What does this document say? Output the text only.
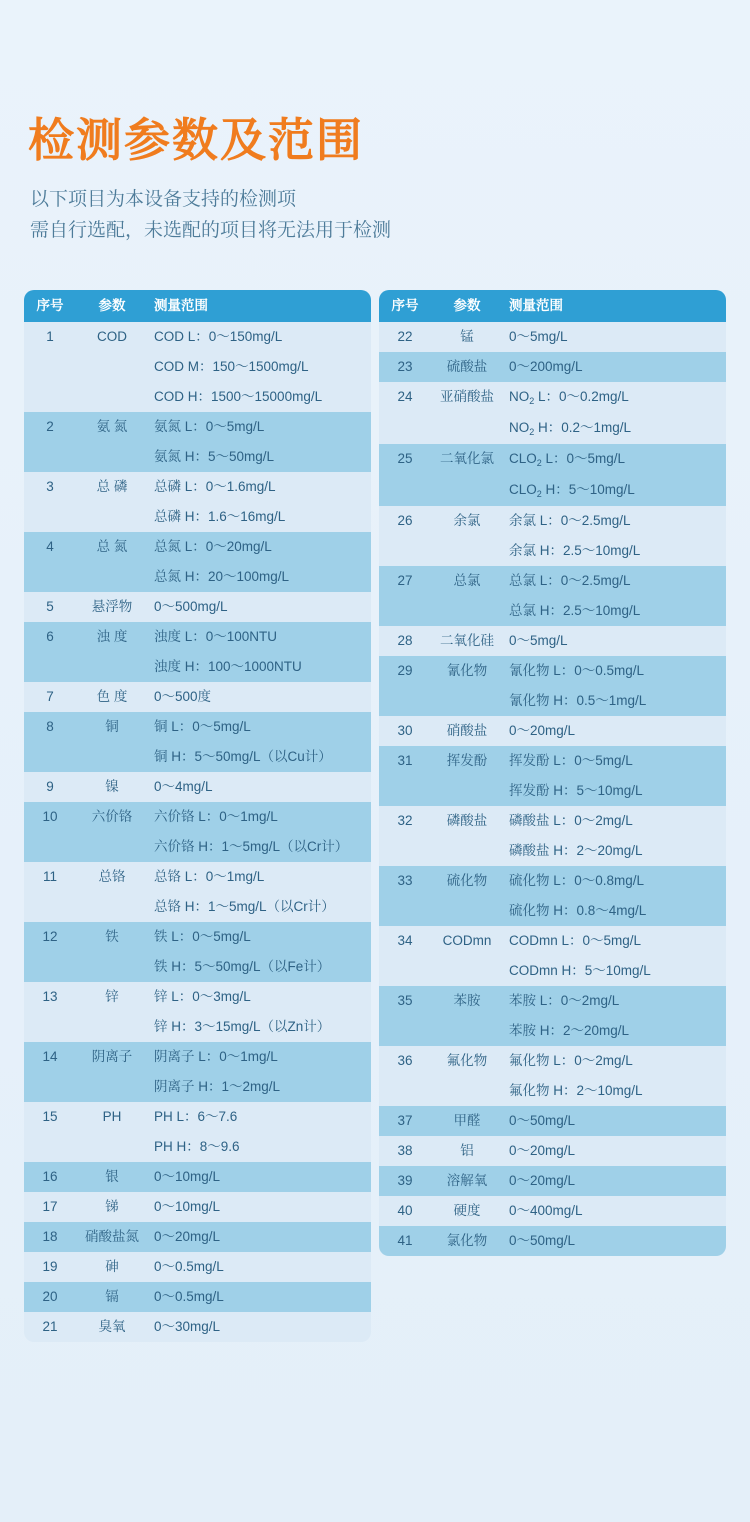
检测参数及范围
以下项目为本设备支持的检测项
需自行选配，未选配的项目将无法用于检测
序号	参数	测量范围
1	COD	COD L：0～150mg/L
COD M：150～1500mg/L
COD H：1500～15000mg/L
2	氨 氮	氨氮 L：0～5mg/L
氨氮 H：5～50mg/L
3	总 磷	总磷 L：0～1.6mg/L
总磷 H：1.6～16mg/L
4	总 氮	总氮 L：0～20mg/L
总氮 H：20～100mg/L
5	悬浮物	0～500mg/L
6	浊 度	浊度 L：0～100NTU
浊度 H：100～1000NTU
7	色 度	0～500度
8	铜	铜 L：0～5mg/L
铜 H：5～50mg/L（以Cu计）
9	镍	0～4mg/L
10	六价铬	六价铬 L：0～1mg/L
六价铬 H：1～5mg/L（以Cr计）
11	总铬	总铬 L：0～1mg/L
总铬 H：1～5mg/L（以Cr计）
12	铁	铁 L：0～5mg/L
铁 H：5～50mg/L（以Fe计）
13	锌	锌 L：0～3mg/L
锌 H：3～15mg/L（以Zn计）
14	阴离子	阴离子 L：0～1mg/L
阴离子 H：1～2mg/L
15	PH	PH L：6～7.6
PH H：8～9.6
16	银	0～10mg/L
17	锑	0～10mg/L
18	硝酸盐氮	0～20mg/L
19	砷	0～0.5mg/L
20	镉	0～0.5mg/L
21	臭氧	0～30mg/L
序号	参数	测量范围
22	锰	0～5mg/L
23	硫酸盐	0～200mg/L
24	亚硝酸盐	$NO_2$ L：0～0.2mg/L
$NO_2$ H：0.2～1mg/L
25	二氧化氯	$CLO_2$ L：0～5mg/L
$CLO_2$ H：5～10mg/L
26	余氯	余氯 L：0～2.5mg/L
余氯 H：2.5～10mg/L
27	总氯	总氯 L：0～2.5mg/L
总氯 H：2.5～10mg/L
28	二氧化硅	0～5mg/L
29	氰化物	氰化物 L：0～0.5mg/L
氰化物 H：0.5～1mg/L
30	硝酸盐	0～20mg/L
31	挥发酚	挥发酚 L：0～5mg/L
挥发酚 H：5～10mg/L
32	磷酸盐	磷酸盐 L：0～2mg/L
磷酸盐 H：2～20mg/L
33	硫化物	硫化物 L：0～0.8mg/L
硫化物 H：0.8～4mg/L
34	CODmn	CODmn L：0～5mg/L
CODmn H：5～10mg/L
35	苯胺	苯胺 L：0～2mg/L
苯胺 H：2～20mg/L
36	氟化物	氟化物 L：0～2mg/L
氟化物 H：2～10mg/L
37	甲醛	0～50mg/L
38	铝	0～20mg/L
39	溶解氧	0～20mg/L
40	硬度	0～400mg/L
41	氯化物	0～50mg/L
